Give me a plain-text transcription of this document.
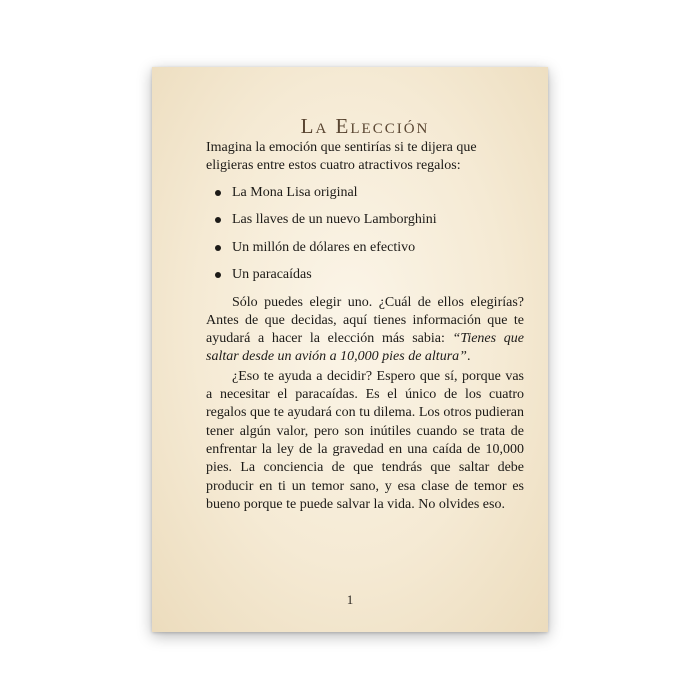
La Elección

Imagina la emoción que sentirías si te dijera que eligieras entre estos cuatro atractivos regalos:

La Mona Lisa original
Las llaves de un nuevo Lamborghini
Un millón de dólares en efectivo
Un paracaídas

Sólo puedes elegir uno. ¿Cuál de ellos elegirías? Antes de que decidas, aquí tienes información que te ayudará a hacer la elección más sabia: “Tienes que saltar desde un avión a 10,000 pies de altura”.

¿Eso te ayuda a decidir? Espero que sí, porque vas a necesitar el paracaídas. Es el único de los cuatro regalos que te ayudará con tu dilema. Los otros pudieran tener algún valor, pero son inútiles cuando se trata de enfrentar la ley de la gravedad en una caída de 10,000 pies. La conciencia de que tendrás que saltar debe producir en ti un temor sano, y esa clase de temor es bueno porque te puede salvar la vida. No olvides eso.

1
